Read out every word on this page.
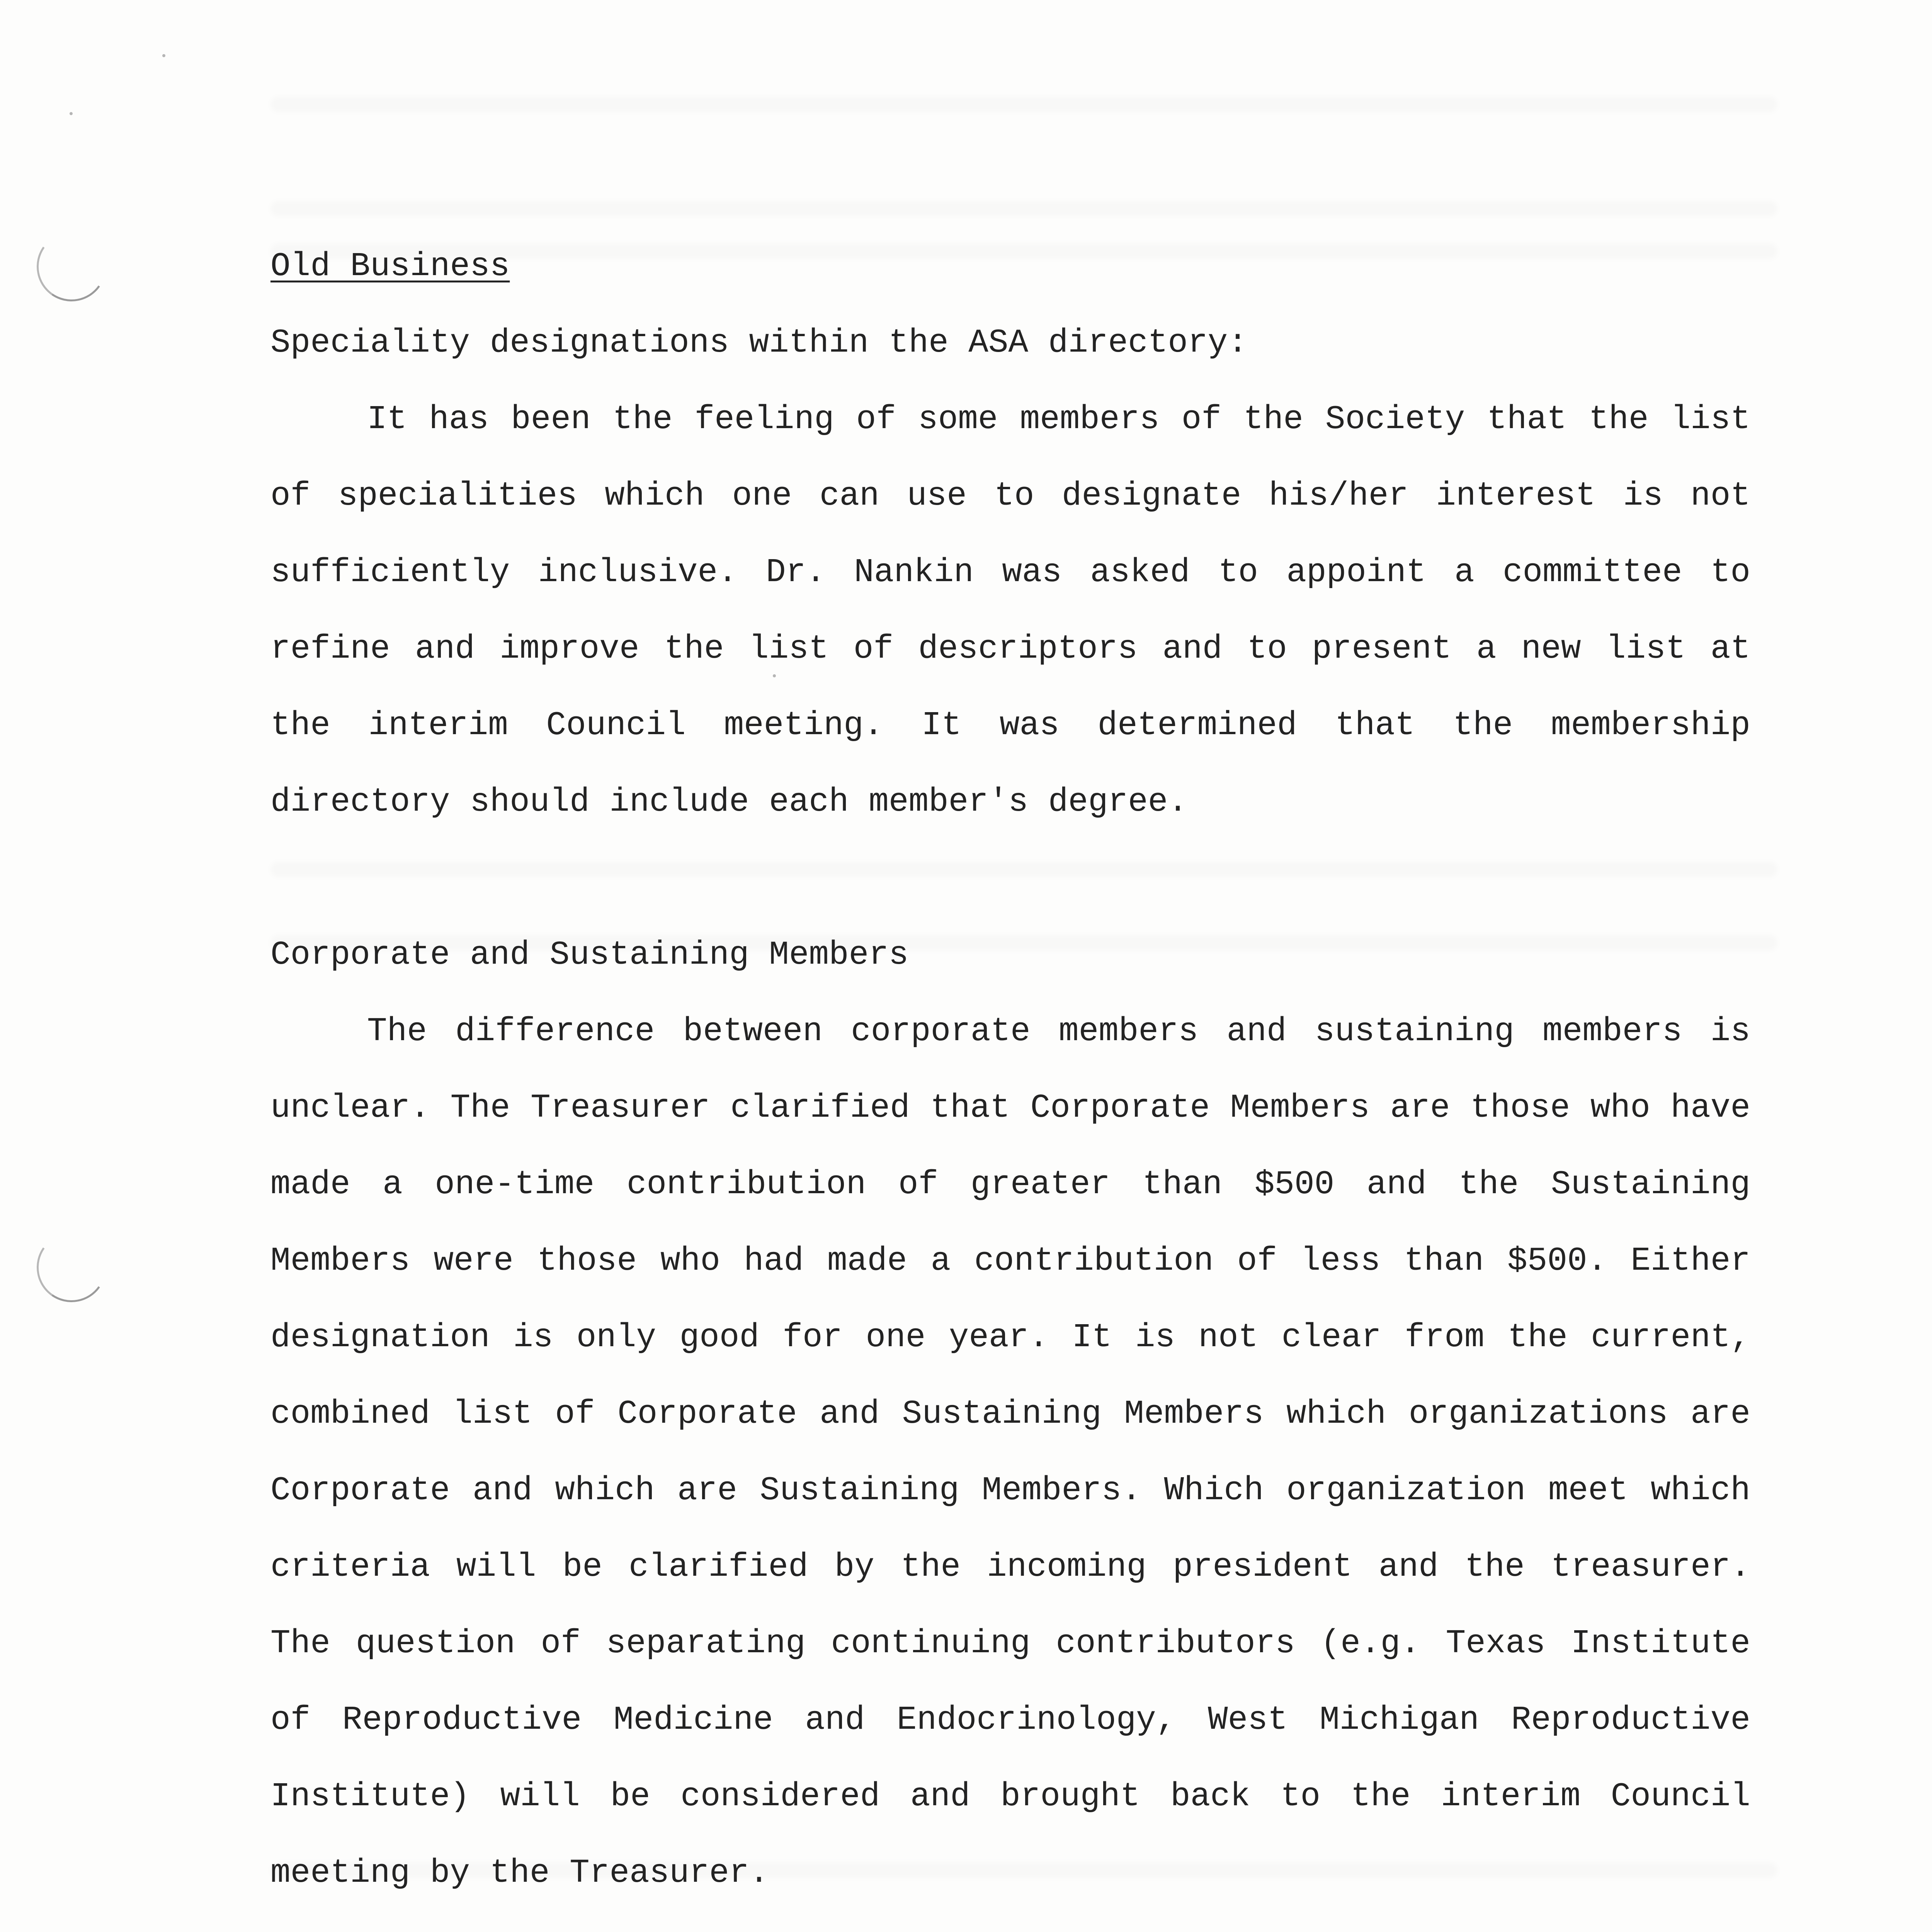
Old Business

Speciality designations within the ASA directory:

It has been the feeling of some members of the Society that the list of specialities which one can use to designate his/her interest is not sufficiently inclusive. Dr. Nankin was asked to appoint a committee to refine and improve the list of descriptors and to present a new list at the interim Council meeting. It was determined that the membership directory should include each member's degree.

Corporate and Sustaining Members

The difference between corporate members and sustaining members is unclear. The Treasurer clarified that Corporate Members are those who have made a one-time contribution of greater than $500 and the Sustaining Members were those who had made a contribution of less than $500. Either designation is only good for one year. It is not clear from the current, combined list of Corporate and Sustaining Members which organizations are Corporate and which are Sustaining Members. Which organization meet which criteria will be clarified by the incoming president and the treasurer. The question of separating continuing contributors (e.g. Texas Institute of Reproductive Medicine and Endocrinology, West Michigan Reproductive Institute) will be considered and brought back to the interim Council meeting by the Treasurer.
